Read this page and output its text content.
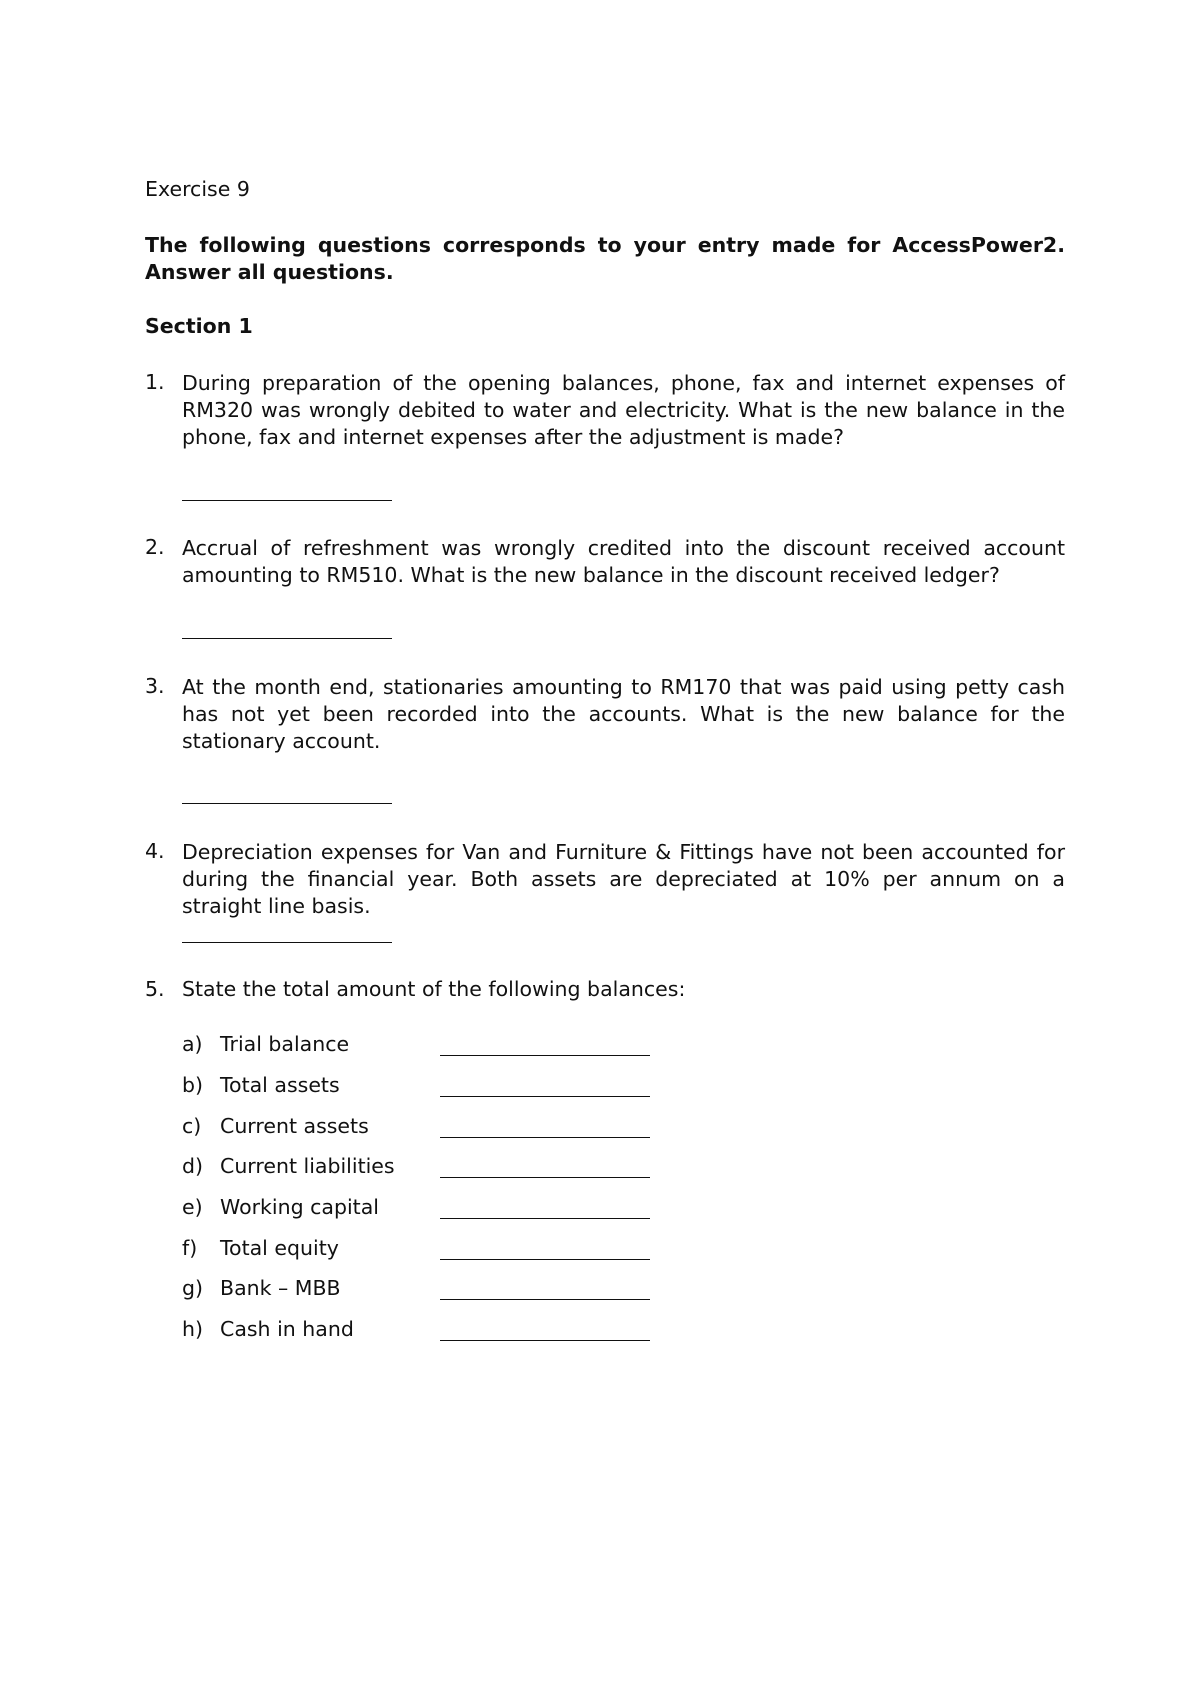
Exercise 9
The following questions corresponds to your entry made for AccessPower2. Answer all questions.
Section 1
1. During preparation of the opening balances, phone, fax and internet expenses of RM320 was wrongly debited to water and electricity. What is the new balance in the phone, fax and internet expenses after the adjustment is made?
2. Accrual of refreshment was wrongly credited into the discount received account amounting to RM510. What is the new balance in the discount received ledger?
3. At the month end, stationaries amounting to RM170 that was paid using petty cash has not yet been recorded into the accounts. What is the new balance for the stationary account.
4. Depreciation expenses for Van and Furniture & Fittings have not been accounted for during the financial year. Both assets are depreciated at 10% per annum on a straight line basis.
5. State the total amount of the following balances:
a) Trial balance
b) Total assets
c) Current assets
d) Current liabilities
e) Working capital
f) Total equity
g) Bank – MBB
h) Cash in hand
